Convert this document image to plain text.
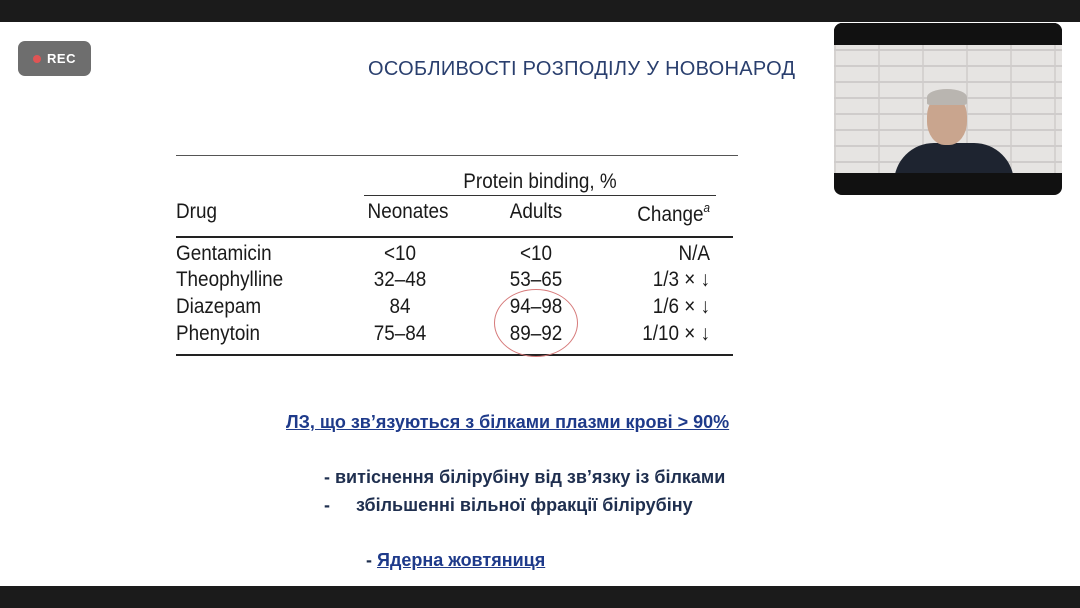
REC	ОСОБЛИВОСТІ РОЗПОДІЛУ У НОВОНАРОД
Protein binding, %
Drug	Neonates	Adults	Change$^a$
Gentamicin	<10	<10	N/A
Theophylline	32–48	53–65	1/3 × ↓
Diazepam	84	94–98	1/6 × ↓
Phenytoin	75–84	89–92	1/10 × ↓
ЛЗ, що зв’язуються з білками плазми крові > 90%
- витіснення білірубіну від зв’язку із білками
- збільшенні вільної фракції білірубіну
- Ядерна жовтяниця
